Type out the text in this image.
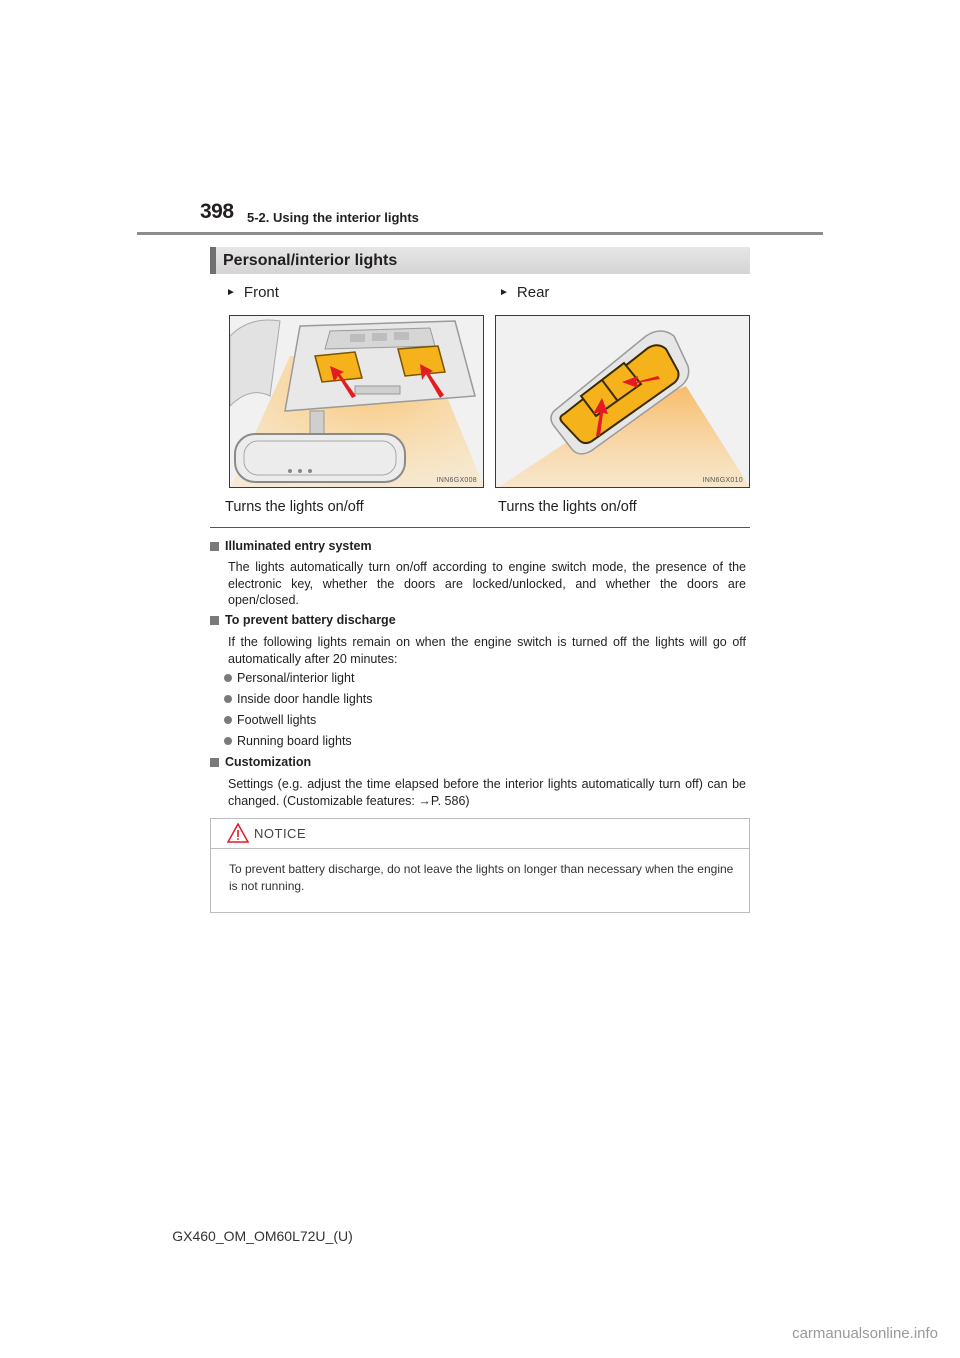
398 5-2. Using the interior lights
Personal/interior lights
► Front	► Rear
INN6GX008	INN6GX010
Turns the lights on/off	Turns the lights on/off
Illuminated entry system
The lights automatically turn on/off according to engine switch mode, the presence of the electronic key, whether the doors are locked/unlocked, and whether the doors are open/closed.
To prevent battery discharge
If the following lights remain on when the engine switch is turned off the lights will go off automatically after 20 minutes:
Personal/interior light
Inside door handle lights
Footwell lights
Running board lights
Customization
Settings (e.g. adjust the time elapsed before the interior lights automatically turn off) can be changed. (Customizable features: →P. 586)
NOTICE
To prevent battery discharge, do not leave the lights on longer than necessary when the engine is not running.
GX460_OM_OM60L72U_(U)
carmanualsonline.info
